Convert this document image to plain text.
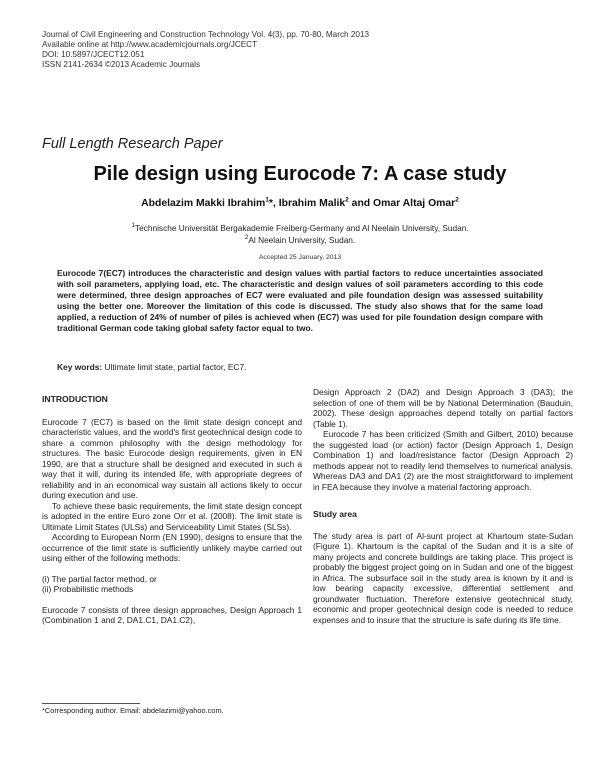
Journal of Civil Engineering and Construction Technology Vol. 4(3), pp. 70-80, March 2013
Available online at http://www.academicjournals.org/JCECT
DOI: 10.5897/JCECT12.051
ISSN 2141-2634 ©2013 Academic Journals
Full Length Research Paper
Pile design using Eurocode 7: A case study
Abdelazim Makki Ibrahim$^1$*, Ibrahim Malik$^2$ and Omar Altaj Omar$^2$
$^1$Technische Universität Bergakademie Freiberg-Germany and Al Neelain University, Sudan.
$^2$Al Neelain University, Sudan.
Accepted 25 January, 2013
Eurocode 7(EC7) introduces the characteristic and design values with partial factors to reduce uncertainties associated with soil parameters, applying load, etc. The characteristic and design values of soil parameters according to this code were determined, three design approaches of EC7 were evaluated and pile foundation design was assessed suitability using the better one. Moreover the limitation of this code is discussed. The study also shows that for the same load applied, a reduction of 24% of number of piles is achieved when (EC7) was used for pile foundation design compare with traditional German code taking global safety factor equal to two.
Key words: Ultimate limit state, partial factor, EC7.
INTRODUCTION

Eurocode 7 (EC7) is based on the limit state design concept and characteristic values, and the world's first geotechnical design code to share a common philosophy with the design methodology for structures. The basic Eurocode design requirements, given in EN 1990, are that a structure shall be designed and executed in such a way that it will, during its intended life, with appropriate degrees of reliability and in an economical way sustain all actions likely to occur during execution and use.

To achieve these basic requirements, the limit state design concept is adopted in the entire Euro zone Orr et al. (2008). The limit state is Ultimate Limit States (ULSs) and Serviceability Limit States (SLSs).

According to European Norm (EN 1990), designs to ensure that the occurrence of the limit state is sufficiently unlikely maybe carried out using either of the following methods:

(i) The partial factor method, or
(ii) Probabilistic methods

Eurocode 7 consists of three design approaches, Design Approach 1 (Combination 1 and 2, DA1.C1, DA1.C2),

Design Approach 2 (DA2) and Design Approach 3 (DA3); the selection of one of them will be by National Determination (Bauduin, 2002). These design approaches depend totally on partial factors (Table 1).

Eurocode 7 has been criticized (Smith and Gilbert, 2010) because the suggested load (or action) factor (Design Approach 1, Design Combination 1) and load/resistance factor (Design Approach 2) methods appear not to readily lend themselves to numerical analysis. Whereas DA3 and DA1 (2) are the most straightforward to implement in FEA because they involve a material factoring approach.

Study area

The study area is part of Al-sunt project at Khartoum state-Sudan (Figure 1). Khartoum is the capital of the Sudan and it is a site of many projects and concrete buildings are taking place. This project is probably the biggest project going on in Sudan and one of the biggest in Africa. The subsurface soil in the study area is known by it and is low bearing capacity excessive, differential settlement and groundwater fluctuation. Therefore extensive geotechnical study, economic and proper geotechnical design code is needed to reduce expenses and to insure that the structure is safe during its life time.

*Corresponding author. Email: abdelazimi@yahoo.com.
